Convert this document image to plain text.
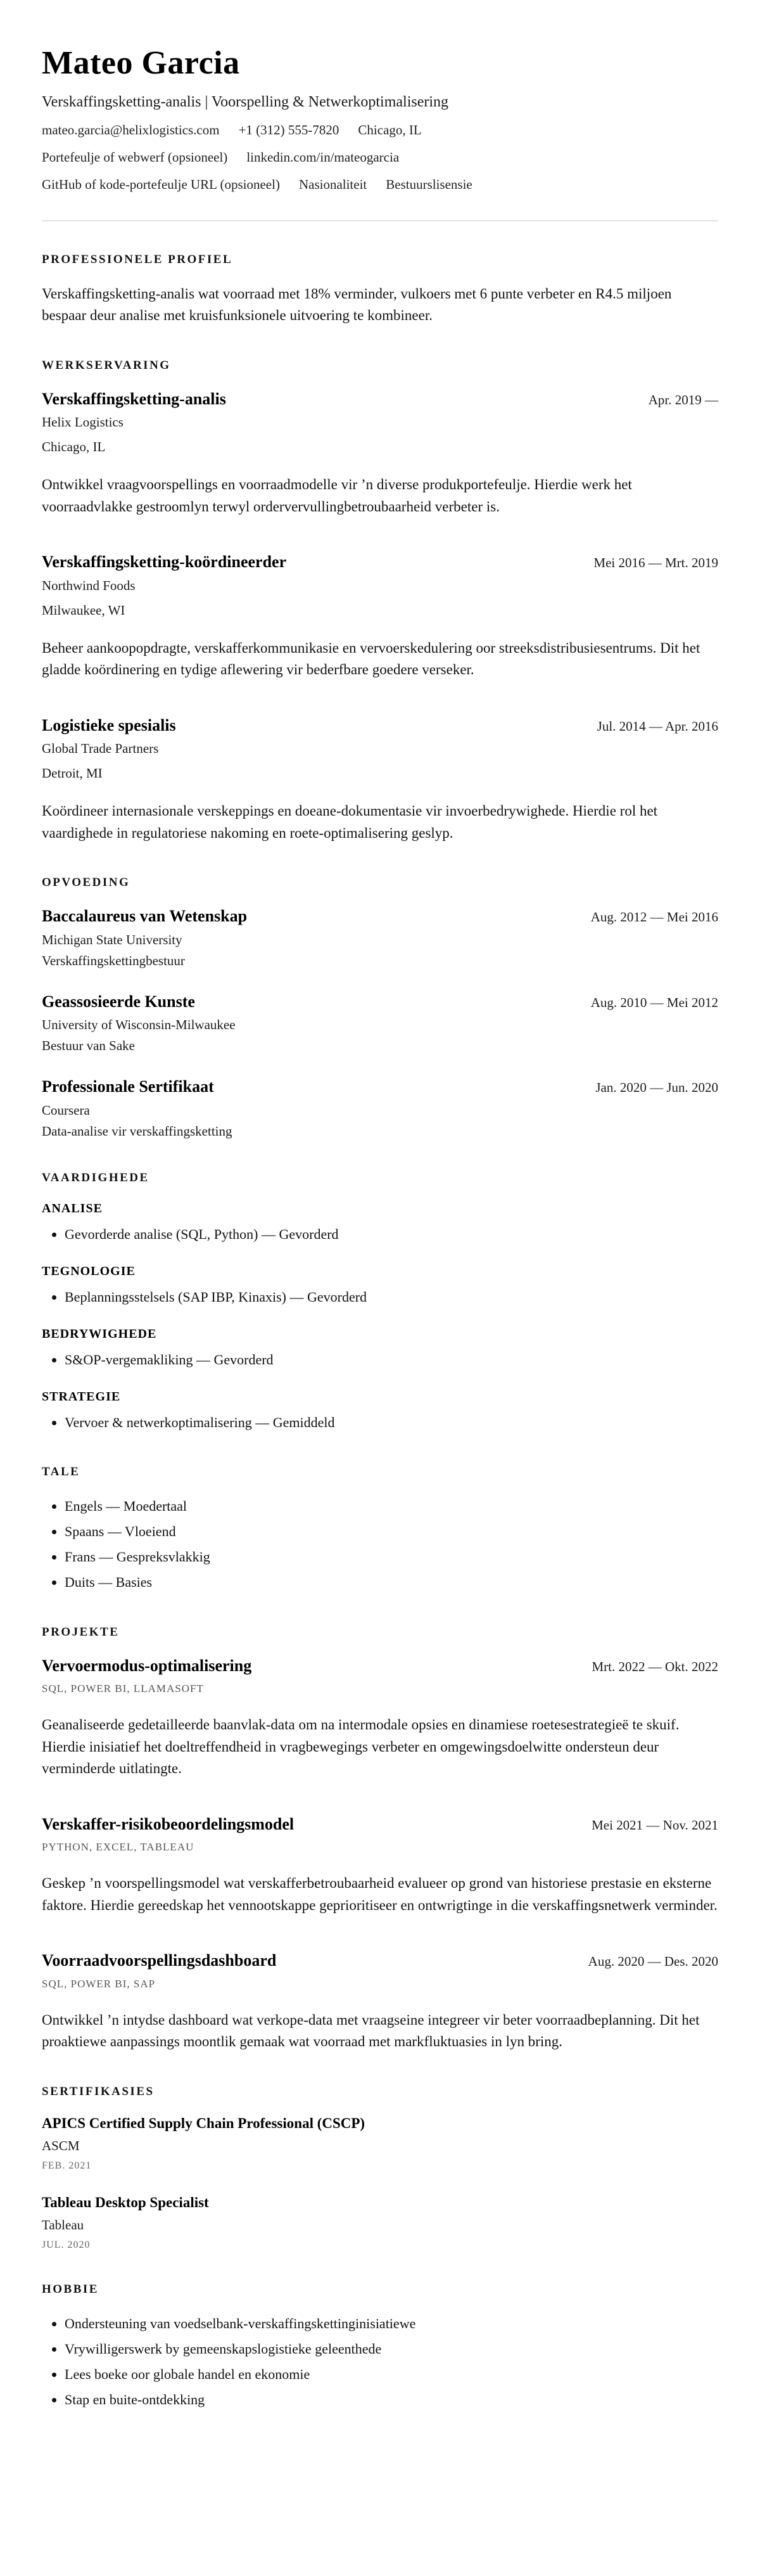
Mateo Garcia

Verskaffingsketting-analis | Voorspelling & Netwerkoptimalisering

mateo.garcia@helixlogistics.com +1 (312) 555-7820 Chicago, IL
Portefeulje of webwerf (opsioneel) linkedin.com/in/mateogarcia
GitHub of kode-portefeulje URL (opsioneel) Nasionaliteit Bestuurslisensie
PROFESSIONELE PROFIEL

Verskaffingsketting-analis wat voorraad met 18% verminder, vulkoers met 6 punte verbeter en R4.5 miljoen bespaar deur analise met kruisfunksionele uitvoering te kombineer.

WERKSERVARING
Verskaffingsketting-analis	Apr. 2019 —

Helix Logistics

Chicago, IL

Ontwikkel vraagvoorspellings en voorraadmodelle vir ’n diverse produkportefeulje. Hierdie werk het voorraadvlakke gestroomlyn terwyl ordervervullingbetroubaarheid verbeter is.

Verskaffingsketting-koördineerder	Mei 2016 — Mrt. 2019

Northwind Foods

Milwaukee, WI

Beheer aankoopopdragte, verskafferkommunikasie en vervoerskedulering oor streeksdistribusiesentrums. Dit het gladde koördinering en tydige aflewering vir bederfbare goedere verseker.

Logistieke spesialis	Jul. 2014 — Apr. 2016

Global Trade Partners

Detroit, MI

Koördineer internasionale verskeppings en doeane-dokumentasie vir invoerbedrywighede. Hierdie rol het vaardighede in regulatoriese nakoming en roete-optimalisering geslyp.

OPVOEDING
Baccalaureus van Wetenskap	Aug. 2012 — Mei 2016

Michigan State University

Verskaffingskettingbestuur

Geassosieerde Kunste	Aug. 2010 — Mei 2012

University of Wisconsin-Milwaukee

Bestuur van Sake

Professionale Sertifikaat	Jan. 2020 — Jun. 2020

Coursera

Data-analise vir verskaffingsketting

VAARDIGHEDE
ANALISE
• Gevorderde analise (SQL, Python) — Gevorderd
TEGNOLOGIE
• Beplanningsstelsels (SAP IBP, Kinaxis) — Gevorderd
BEDRYWIGHEDE
• S&OP-vergemakliking — Gevorderd
STRATEGIE
• Vervoer & netwerkoptimalisering — Gemiddeld
TALE
• Engels — Moedertaal
• Spaans — Vloeiend
• Frans — Gespreksvlakkig
• Duits — Basies
PROJEKTE
Vervoermodus-optimalisering	Mrt. 2022 — Okt. 2022

SQL, POWER BI, LLAMASOFT

Geanaliseerde gedetailleerde baanvlak-data om na intermodale opsies en dinamiese roetesestrategieë te skuif. Hierdie inisiatief het doeltreffendheid in vragbewegings verbeter en omgewingsdoelwitte ondersteun deur verminderde uitlatingte.

Verskaffer-risikobeoordelingsmodel	Mei 2021 — Nov. 2021

PYTHON, EXCEL, TABLEAU

Geskep ’n voorspellingsmodel wat verskafferbetroubaarheid evalueer op grond van historiese prestasie en eksterne faktore. Hierdie gereedskap het vennootskappe geprioritiseer en ontwrigtinge in die verskaffingsnetwerk verminder.

Voorraadvoorspellingsdashboard	Aug. 2020 — Des. 2020

SQL, POWER BI, SAP

Ontwikkel ’n intydse dashboard wat verkope-data met vraagseine integreer vir beter voorraadbeplanning. Dit het proaktiewe aanpassings moontlik gemaak wat voorraad met markfluktuasies in lyn bring.

SERTIFIKASIES
APICS Certified Supply Chain Professional (CSCP)

ASCM

FEB. 2021

Tableau Desktop Specialist

Tableau

JUL. 2020

HOBBIE
• Ondersteuning van voedselbank-verskaffingskettinginisiatiewe
• Vrywilligerswerk by gemeenskapslogistieke geleenthede
• Lees boeke oor globale handel en ekonomie
• Stap en buite-ontdekking
